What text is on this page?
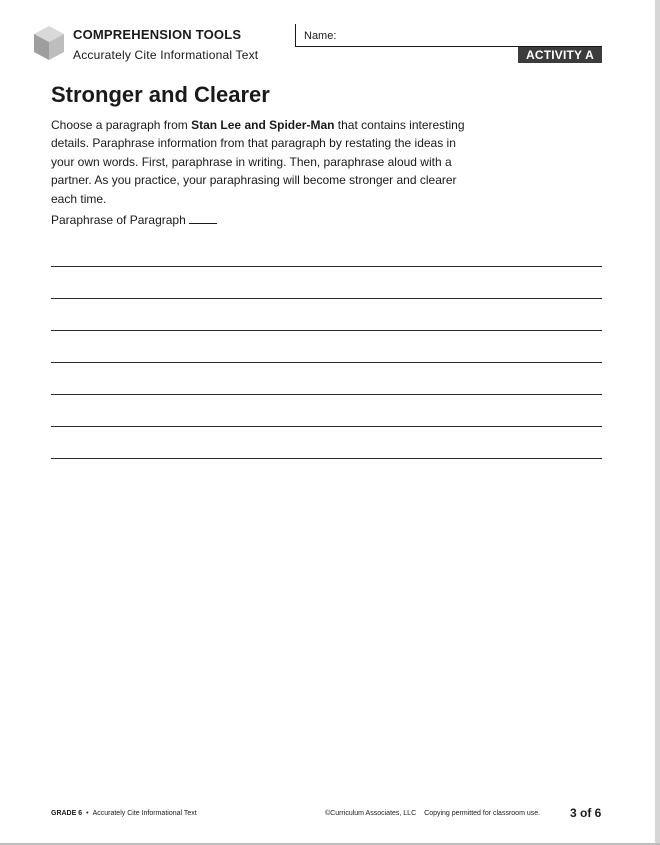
COMPREHENSION TOOLS
Accurately Cite Informational Text
Name:
ACTIVITY A
Stronger and Clearer

Choose a paragraph from Stan Lee and Spider-Man that contains interesting details. Paraphrase information from that paragraph by restating the ideas in your own words. First, paraphrase in writing. Then, paraphrase aloud with a partner. As you practice, your paraphrasing will become stronger and clearer each time.

Paraphrase of Paragraph
GRADE 6 • Accurately Cite Informational Text	©Curriculum Associates, LLC Copying permitted for classroom use. 3 of 6
